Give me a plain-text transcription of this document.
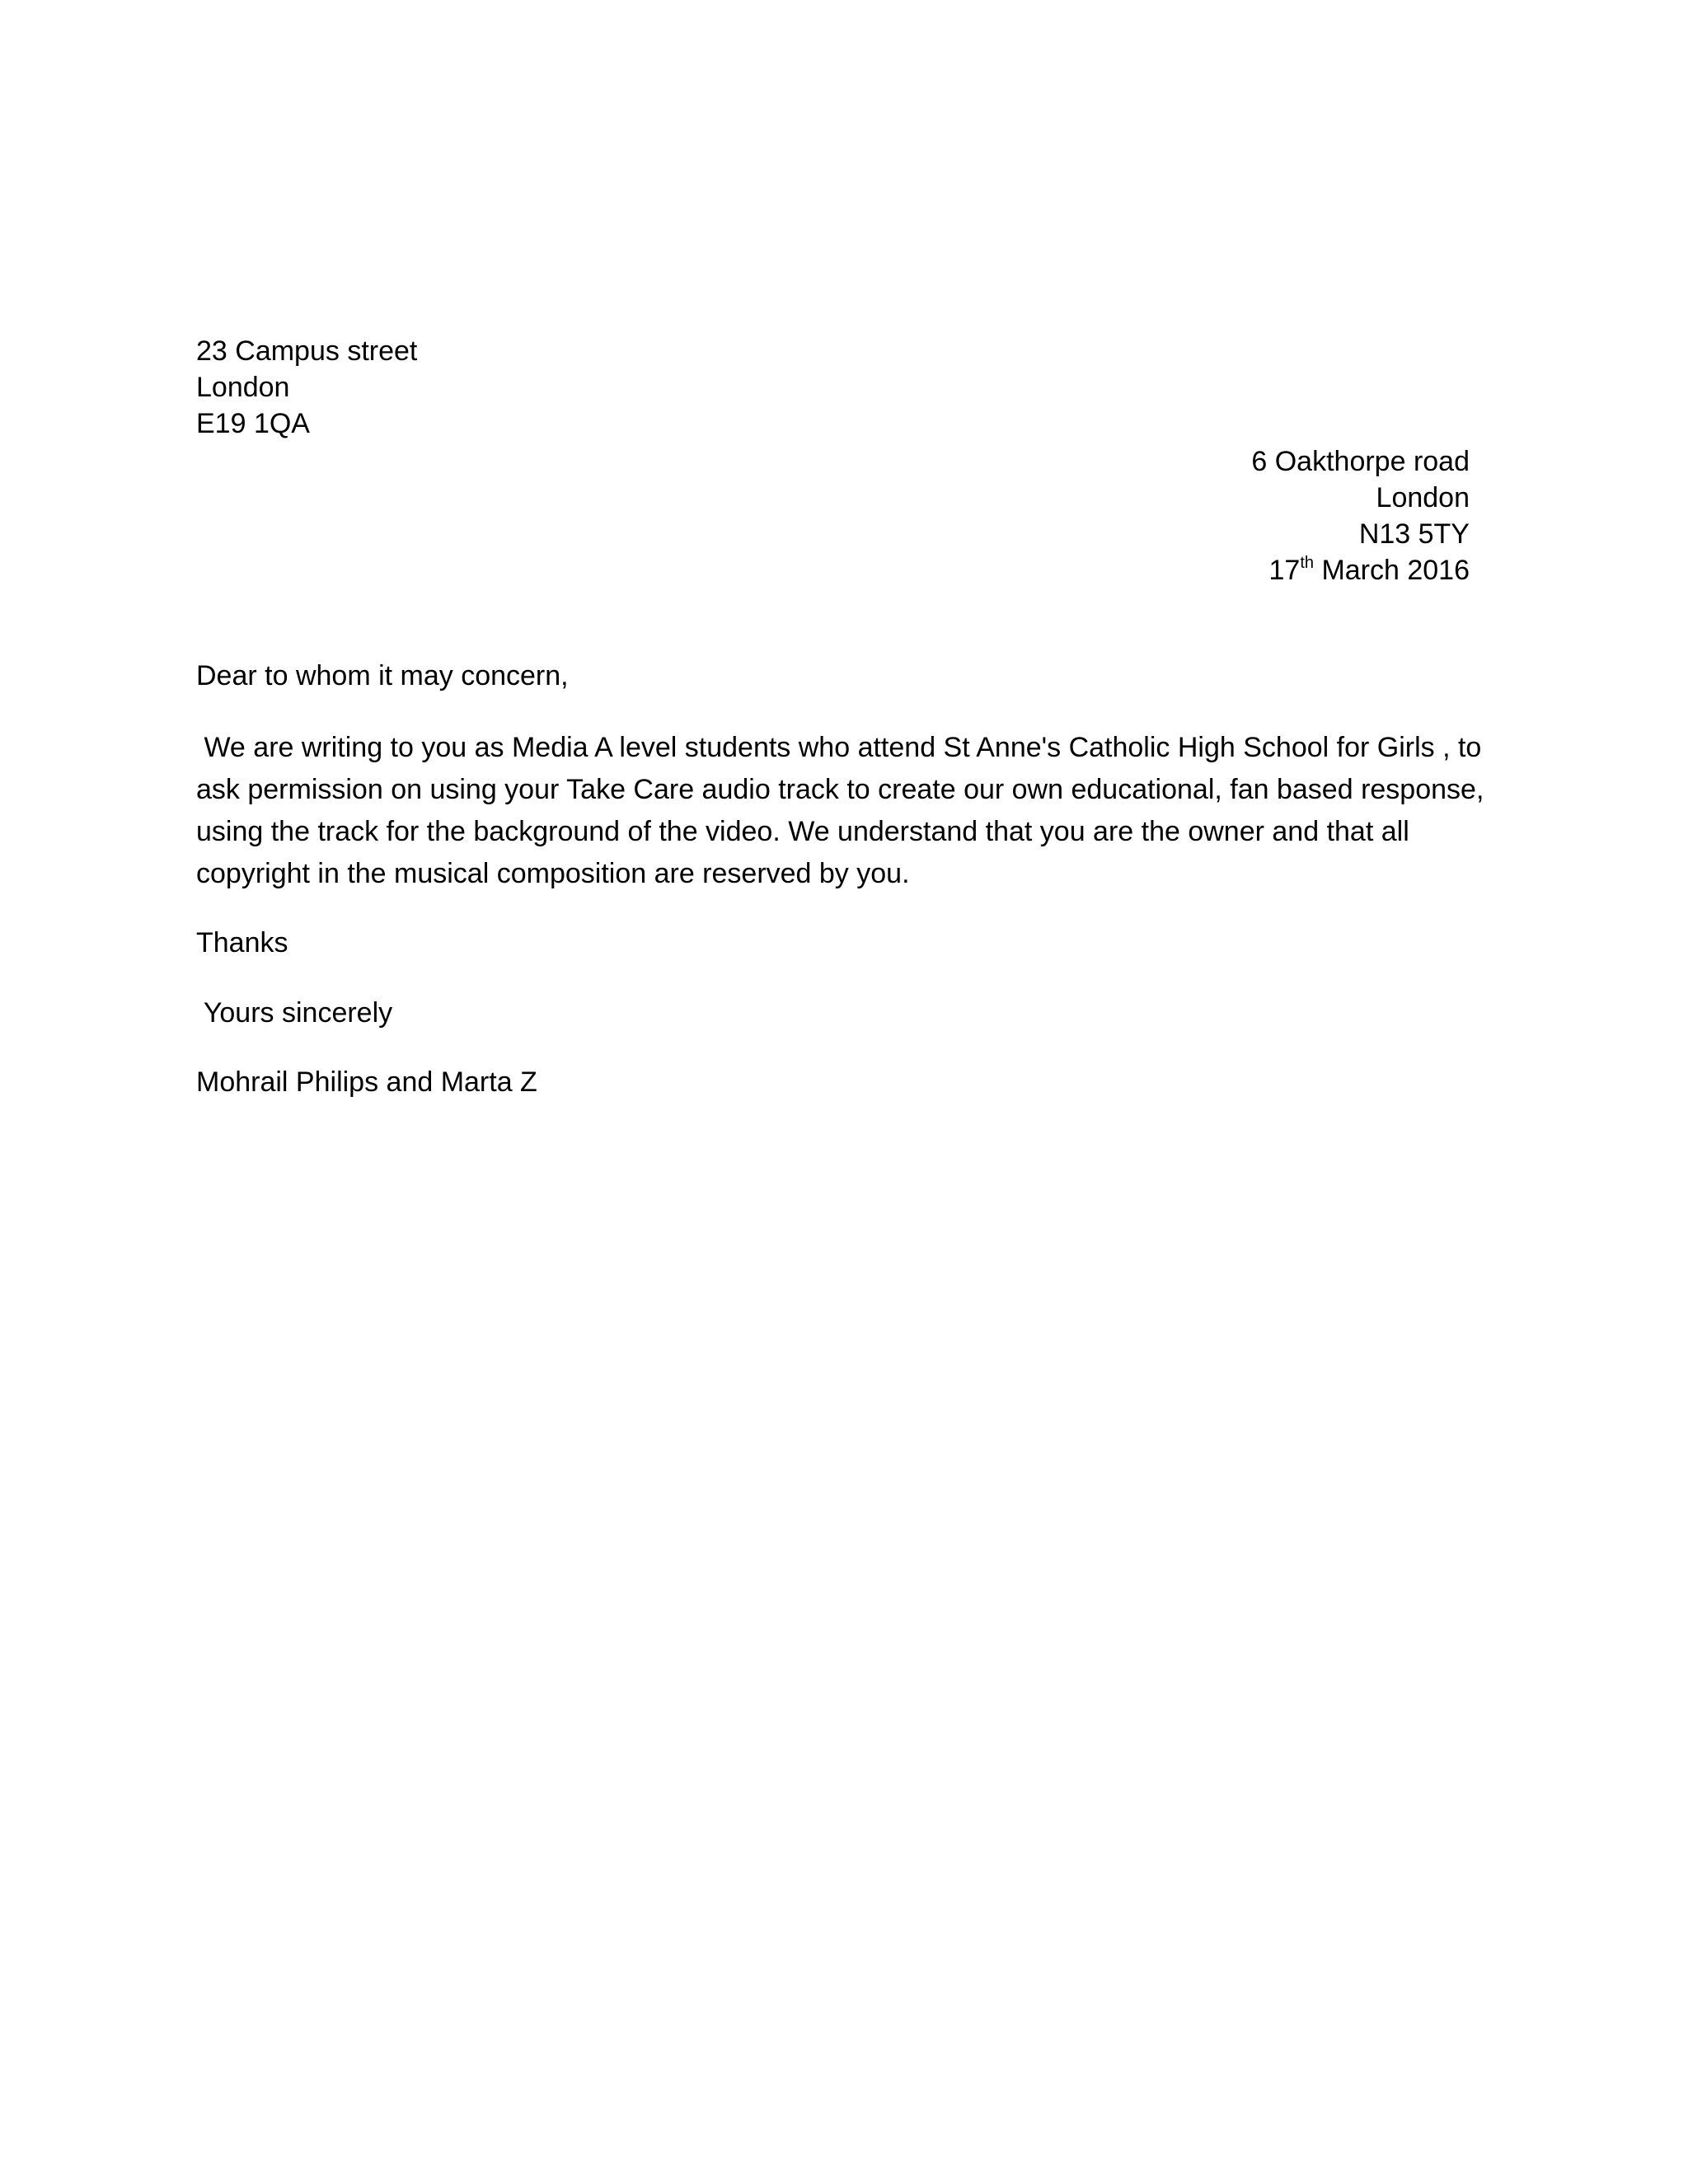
23 Campus street
London
E19 1QA
6 Oakthorpe road
London
N13 5TY
17th March 2016
Dear to whom it may concern,
We are writing to you as Media A level students who attend St Anne's Catholic High School for Girls , to
ask permission on using your Take Care audio track to create our own educational, fan based response,
using the track for the background of the video. We understand that you are the owner and that all
copyright in the musical composition are reserved by you.
Thanks
Yours sincerely
Mohrail Philips and Marta Z
